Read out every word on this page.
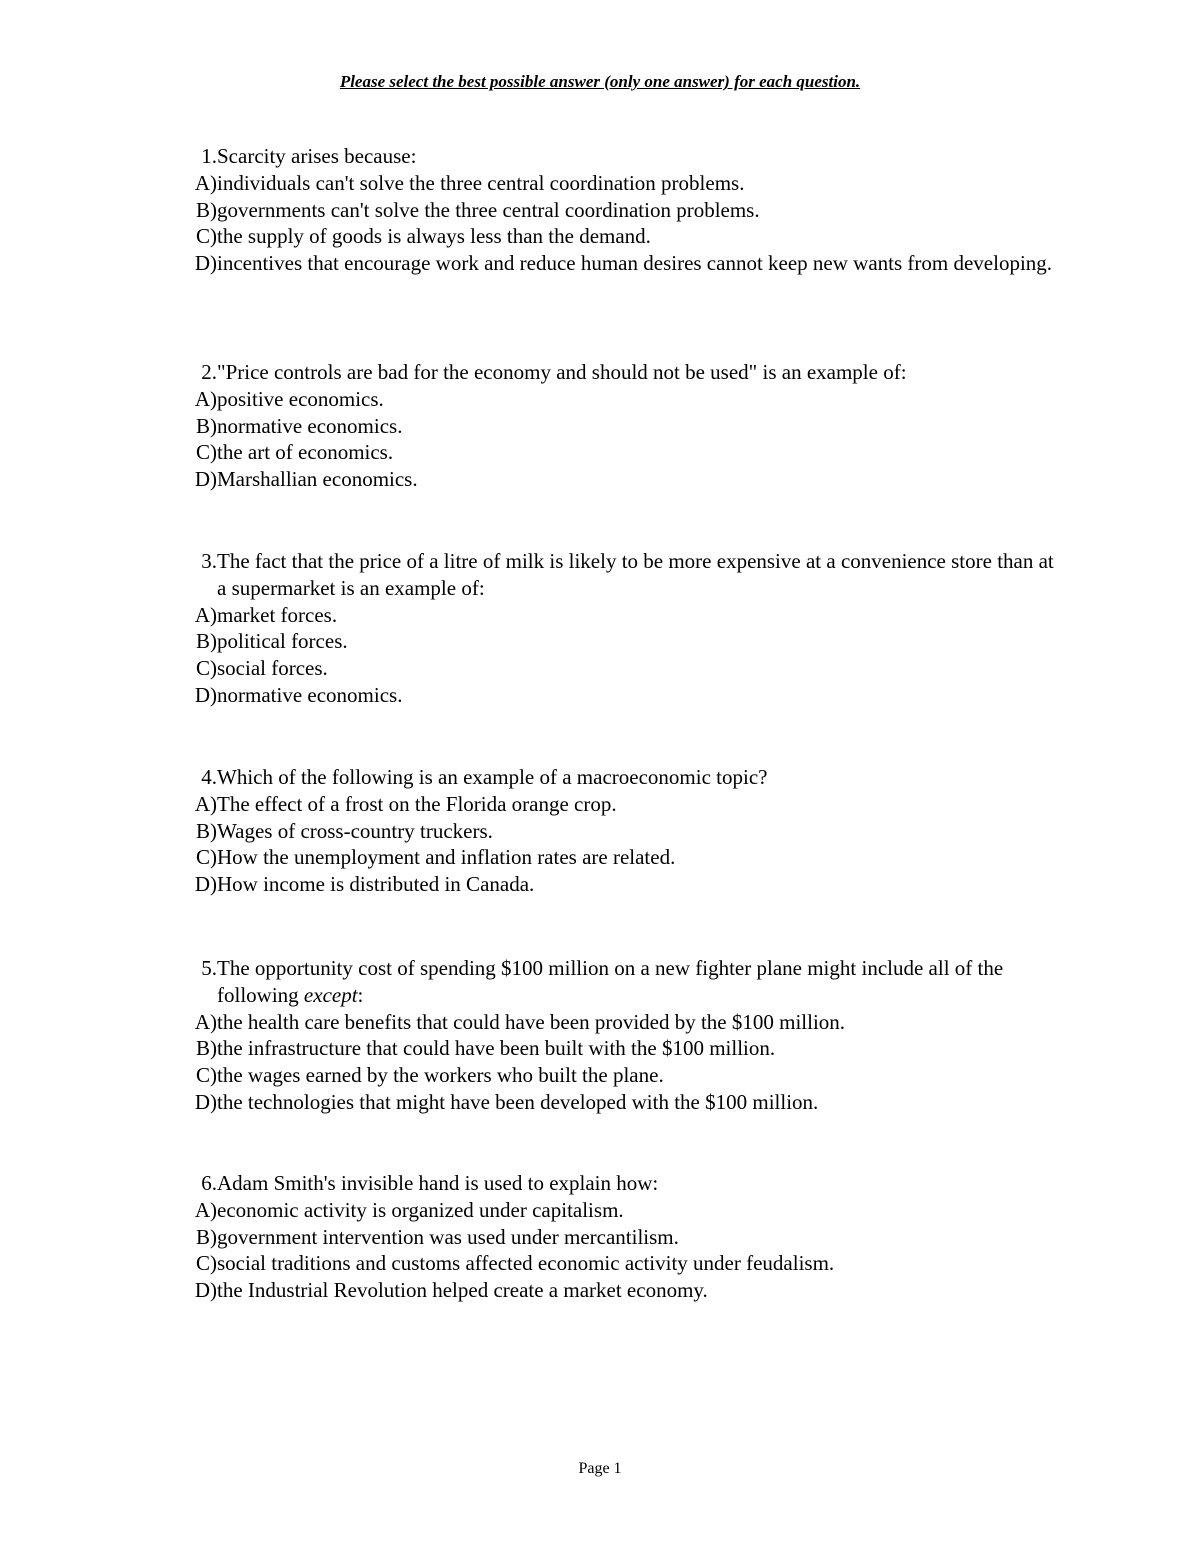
Please select the best possible answer (only one answer) for each question.
1. Scarcity arises because:
A) individuals can't solve the three central coordination problems.
B) governments can't solve the three central coordination problems.
C) the supply of goods is always less than the demand.
D) incentives that encourage work and reduce human desires cannot keep new wants from developing.
2. "Price controls are bad for the economy and should not be used" is an example of:
A) positive economics.
B) normative economics.
C) the art of economics.
D) Marshallian economics.
3. The fact that the price of a litre of milk is likely to be more expensive at a convenience store than at a supermarket is an example of:
A) market forces.
B) political forces.
C) social forces.
D) normative economics.
4. Which of the following is an example of a macroeconomic topic?
A) The effect of a frost on the Florida orange crop.
B) Wages of cross-country truckers.
C) How the unemployment and inflation rates are related.
D) How income is distributed in Canada.
5. The opportunity cost of spending $100 million on a new fighter plane might include all of the following except:
A) the health care benefits that could have been provided by the $100 million.
B) the infrastructure that could have been built with the $100 million.
C) the wages earned by the workers who built the plane.
D) the technologies that might have been developed with the $100 million.
6. Adam Smith's invisible hand is used to explain how:
A) economic activity is organized under capitalism.
B) government intervention was used under mercantilism.
C) social traditions and customs affected economic activity under feudalism.
D) the Industrial Revolution helped create a market economy.
Page 1
